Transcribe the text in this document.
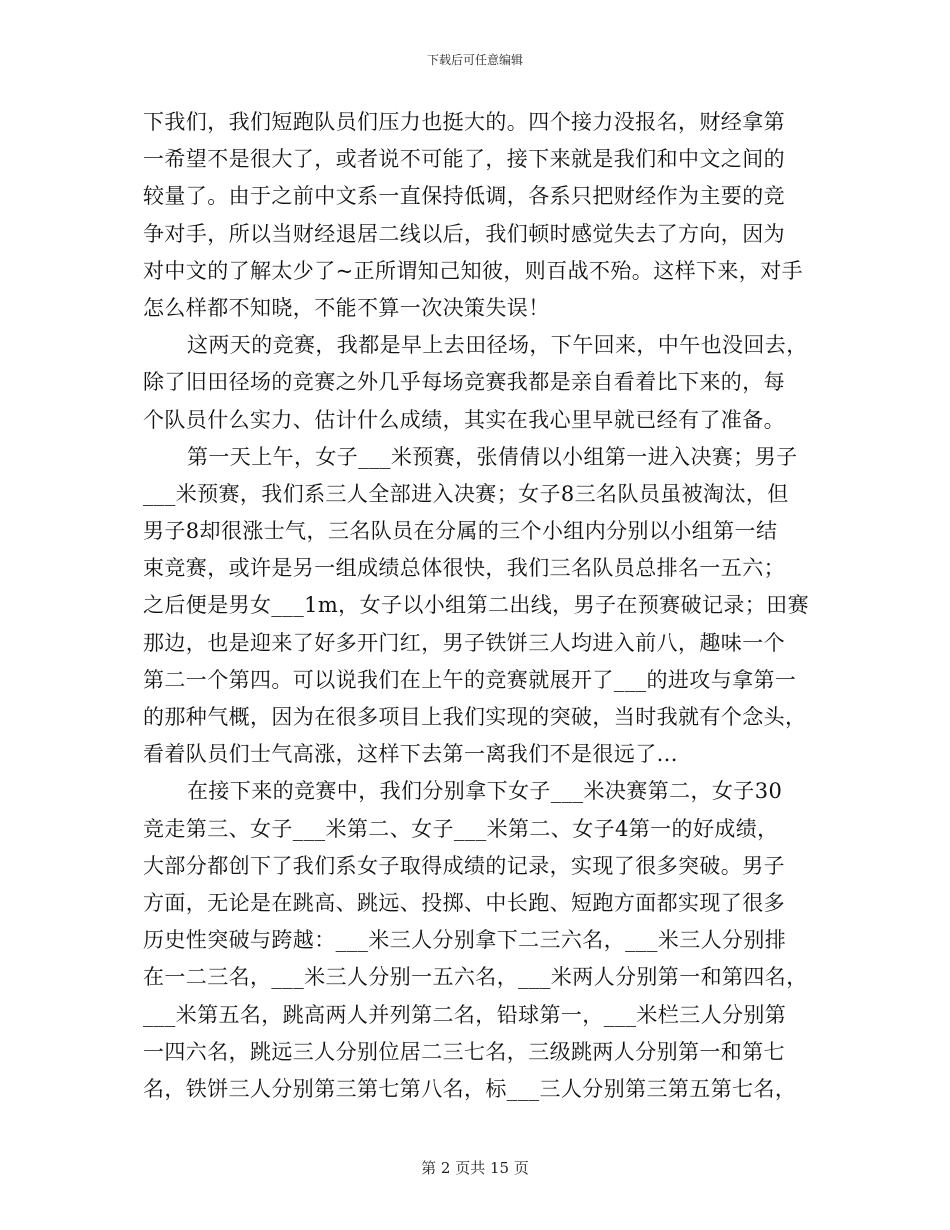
下载后可任意编辑
下我们，我们短跑队员们压力也挺大的。四个接力没报名，财经拿第
一希望不是很大了，或者说不可能了，接下来就是我们和中文之间的
较量了。由于之前中文系一直保持低调，各系只把财经作为主要的竞
争对手，所以当财经退居二线以后，我们顿时感觉失去了方向，因为
对中文的了解太少了~正所谓知己知彼，则百战不殆。这样下来，对手
怎么样都不知晓，不能不算一次决策失误！
这两天的竞赛，我都是早上去田径场，下午回来，中午也没回去，
除了旧田径场的竞赛之外几乎每场竞赛我都是亲自看着比下来的，每
个队员什么实力、估计什么成绩，其实在我心里早就已经有了准备。
第一天上午，女子___米预赛，张倩倩以小组第一进入决赛；男子
___米预赛，我们系三人全部进入决赛；女子8三名队员虽被淘汰，但
男子8却很涨士气，三名队员在分属的三个小组内分别以小组第一结
束竞赛，或许是另一组成绩总体很快，我们三名队员总排名一五六；
之后便是男女___1m，女子以小组第二出线，男子在预赛破记录；田赛
那边，也是迎来了好多开门红，男子铁饼三人均进入前八，趣味一个
第二一个第四。可以说我们在上午的竞赛就展开了___的进攻与拿第一
的那种气概，因为在很多项目上我们实现的突破，当时我就有个念头，
看着队员们士气高涨，这样下去第一离我们不是很远了...
在接下来的竞赛中，我们分别拿下女子___米决赛第二，女子30
竞走第三、女子___米第二、女子___米第二、女子4第一的好成绩，
大部分都创下了我们系女子取得成绩的记录，实现了很多突破。男子
方面，无论是在跳高、跳远、投掷、中长跑、短跑方面都实现了很多
历史性突破与跨越：___米三人分别拿下二三六名，___米三人分别排
在一二三名，___米三人分别一五六名，___米两人分别第一和第四名，
___米第五名，跳高两人并列第二名，铅球第一，___米栏三人分别第
一四六名，跳远三人分别位居二三七名，三级跳两人分别第一和第七
名，铁饼三人分别第三第七第八名，标___三人分别第三第五第七名，
第 2 页共 15 页
